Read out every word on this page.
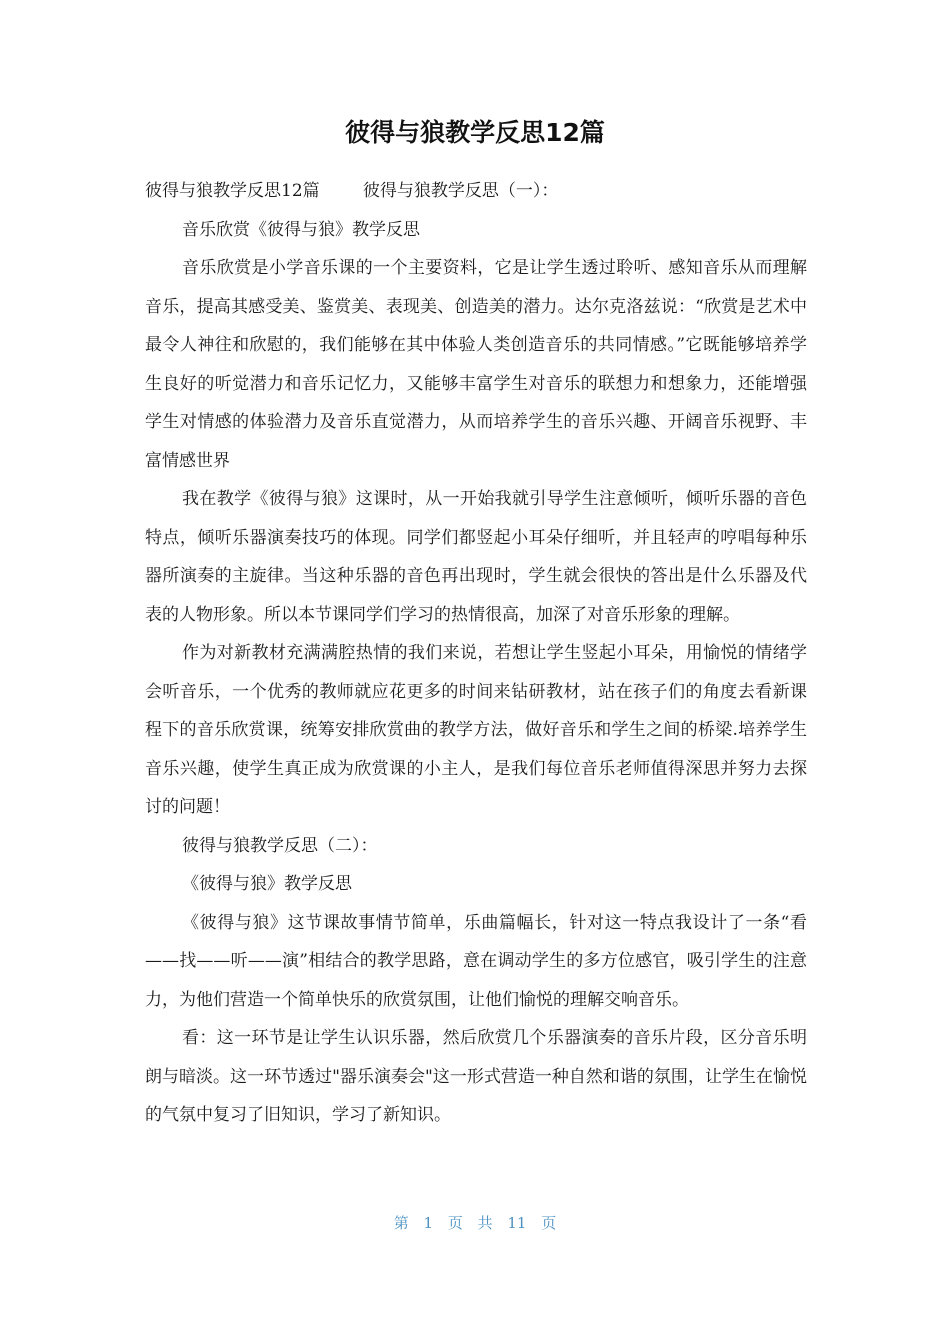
彼得与狼教学反思12篇

彼得与狼教学反思12篇	彼得与狼教学反思（一）：

音乐欣赏《彼得与狼》教学反思

音乐欣赏是小学音乐课的一个主要资料，它是让学生透过聆听、感知音乐从而理解音乐，提高其感受美、鉴赏美、表现美、创造美的潜力。达尔克洛兹说：“欣赏是艺术中最令人神往和欣慰的，我们能够在其中体验人类创造音乐的共同情感。”它既能够培养学生良好的听觉潜力和音乐记忆力，又能够丰富学生对音乐的联想力和想象力，还能增强学生对情感的体验潜力及音乐直觉潜力，从而培养学生的音乐兴趣、开阔音乐视野、丰富情感世界

我在教学《彼得与狼》这课时，从一开始我就引导学生注意倾听，倾听乐器的音色特点，倾听乐器演奏技巧的体现。同学们都竖起小耳朵仔细听，并且轻声的哼唱每种乐器所演奏的主旋律。当这种乐器的音色再出现时，学生就会很快的答出是什么乐器及代表的人物形象。所以本节课同学们学习的热情很高，加深了对音乐形象的理解。

作为对新教材充满满腔热情的我们来说，若想让学生竖起小耳朵，用愉悦的情绪学会听音乐，一个优秀的教师就应花更多的时间来钻研教材，站在孩子们的角度去看新课程下的音乐欣赏课，统筹安排欣赏曲的教学方法，做好音乐和学生之间的桥梁.培养学生音乐兴趣，使学生真正成为欣赏课的小主人，是我们每位音乐老师值得深思并努力去探讨的问题！

彼得与狼教学反思（二）：

《彼得与狼》教学反思

《彼得与狼》这节课故事情节简单，乐曲篇幅长，针对这一特点我设计了一条“看——找——听——演”相结合的教学思路，意在调动学生的多方位感官，吸引学生的注意力，为他们营造一个简单快乐的欣赏氛围，让他们愉悦的理解交响音乐。

看：这一环节是让学生认识乐器，然后欣赏几个乐器演奏的音乐片段，区分音乐明朗与暗淡。这一环节透过"器乐演奏会"这一形式营造一种自然和谐的氛围，让学生在愉悦的气氛中复习了旧知识，学习了新知识。

第 1 页 共 11 页
